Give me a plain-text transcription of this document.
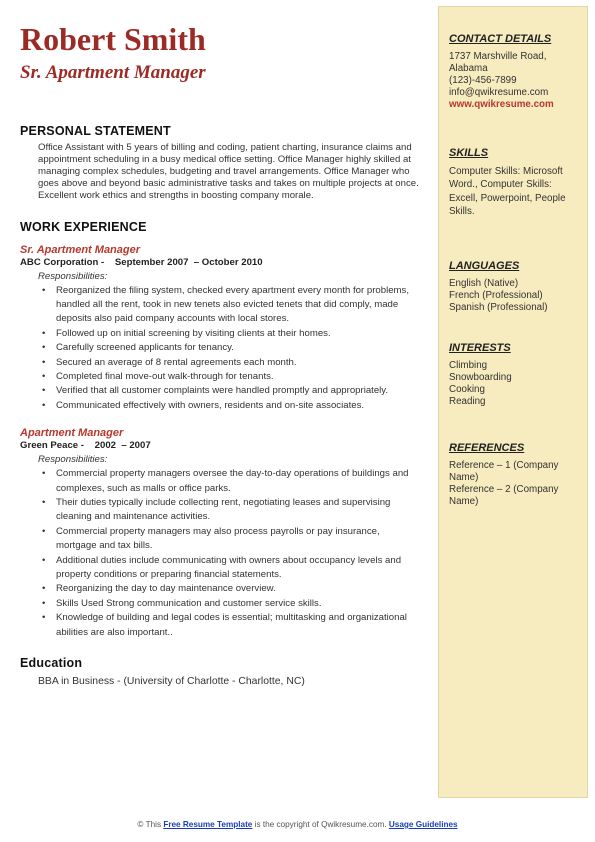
Robert Smith
Sr. Apartment Manager
PERSONAL STATEMENT

Office Assistant with 5 years of billing and coding, patient charting, insurance claims and appointment scheduling in a busy medical office setting. Office Manager highly skilled at managing complex schedules, budgeting and travel arrangements. Office Manager who goes above and beyond basic administrative tasks and takes on multiple projects at once. Excellent work ethics and strengths in boosting company morale.

WORK EXPERIENCE

Sr. Apartment Manager

ABC Corporation -    September 2007  – October 2010

Responsibilities:

• Reorganized the filing system, checked every apartment every month for problems, handled all the rent, took in new tenets also evicted tenets that did comply, made deposits also paid company accounts with local stores.
• Followed up on initial screening by visiting clients at their homes.
• Carefully screened applicants for tenancy.
• Secured an average of 8 rental agreements each month.
• Completed final move-out walk-through for tenants.
• Verified that all customer complaints were handled promptly and appropriately.
• Communicated effectively with owners, residents and on-site associates.

Apartment Manager

Green Peace -    2002  – 2007

Responsibilities:

• Commercial property managers oversee the day-to-day operations of buildings and complexes, such as malls or office parks.
• Their duties typically include collecting rent, negotiating leases and supervising cleaning and maintenance activities.
• Commercial property managers may also process payrolls or pay insurance, mortgage and tax bills.
• Additional duties include communicating with owners about occupancy levels and property conditions or preparing financial statements.
• Reorganizing the day to day maintenance overview.
• Skills Used Strong communication and customer service skills.
• Knowledge of building and legal codes is essential; multitasking and organizational abilities are also important..
Education

BBA in Business - (University of Charlotte - Charlotte, NC)

CONTACT DETAILS
1737 Marshville Road, Alabama
(123)-456-7899
info@qwikresume.com
www.qwikresume.com
SKILLS
Computer Skills: Microsoft Word., Computer Skills: Excell, Powerpoint, People Skills.
LANGUAGES
English (Native)
French (Professional)
Spanish (Professional)
INTERESTS
Climbing
Snowboarding
Cooking
Reading
REFERENCES
Reference – 1 (Company Name)
Reference – 2 (Company Name)
© This Free Resume Template is the copyright of Qwikresume.com. Usage Guidelines
